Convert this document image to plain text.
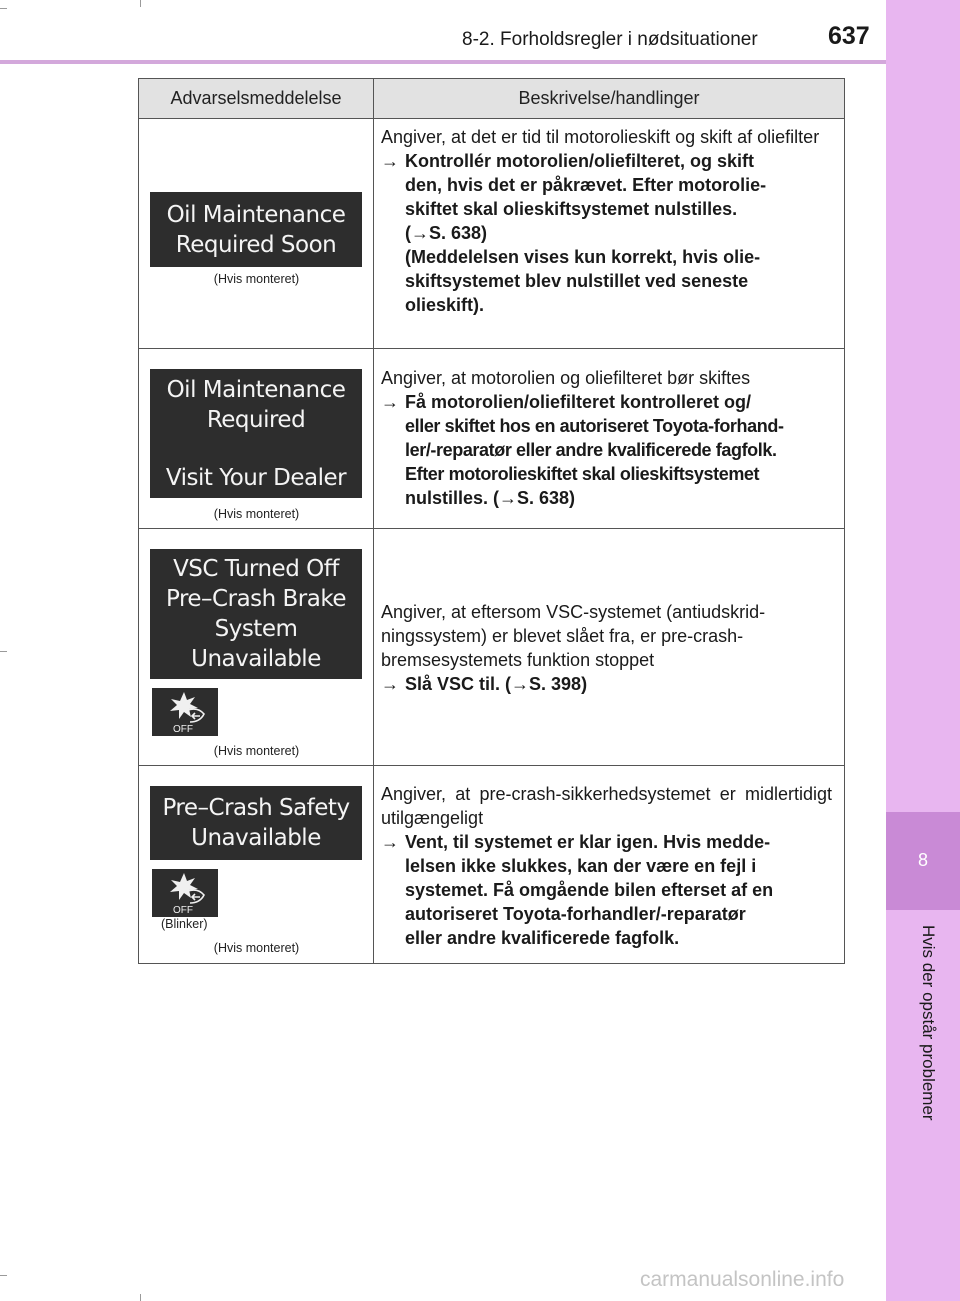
8
Hvis der opstår problemer
8-2. Forholdsregler i nødsituationer	637
Advarselsmeddelelse	Beskrivelse/handlinger
Oil Maintenance
Required Soon
(Hvis monteret)
Angiver, at det er tid til motorolieskift og skift af oliefilter
→ Kontrollér motorolien/oliefilteret, og skift
den, hvis det er påkrævet. Efter motorolie-
skiftet skal olieskiftsystemet nulstilles.
(→S. 638)
(Meddelelsen vises kun korrekt, hvis olie-
skiftsystemet blev nulstillet ved seneste
olieskift).
Oil Maintenance
Required
Visit Your Dealer
(Hvis monteret)
Angiver, at motorolien og oliefilteret bør skiftes
→ Få motorolien/oliefilteret kontrolleret og/
eller skiftet hos en autoriseret Toyota-forhand-
ler/-reparatør eller andre kvalificerede fagfolk.
Efter motorolieskiftet skal olieskiftsystemet
nulstilles. (→S. 638)
VSC Turned Off
Pre–Crash Brake
System
Unavailable
OFF
(Hvis monteret)
Angiver, at eftersom VSC-systemet (antiudskrid-
ningssystem) er blevet slået fra, er pre-crash-
bremsesystemets funktion stoppet
→ Slå VSC til. (→S. 398)
Pre–Crash Safety
Unavailable
OFF
(Blinker)
(Hvis monteret)
Angiver, at pre-crash-sikkerhedsystemet er midlertidigt utilgængeligt
→ Vent, til systemet er klar igen. Hvis medde-
lelsen ikke slukkes, kan der være en fejl i
systemet. Få omgående bilen efterset af en
autoriseret Toyota-forhandler/-reparatør
eller andre kvalificerede fagfolk.
carmanualsonline.info
